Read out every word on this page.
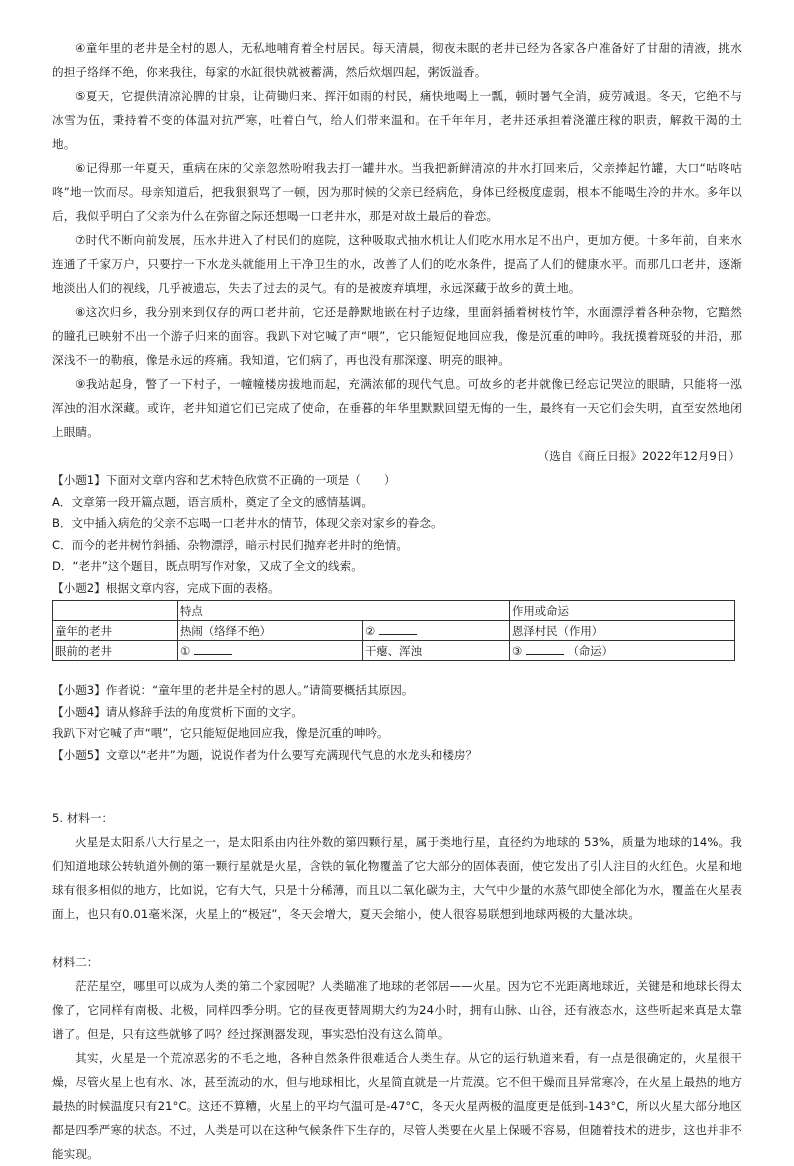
④童年里的老井是全村的恩人，无私地哺育着全村居民。每天清晨，彻夜未眠的老井已经为各家各户准备好了甘甜的清液，挑水的担子络绎不绝，你来我往，每家的水缸很快就被蓄满，然后炊烟四起，粥饭溢香。

⑤夏天，它提供清凉沁脾的甘泉，让荷锄归来、挥汗如雨的村民，痛快地喝上一瓢，顿时暑气全消，疲劳减退。冬天，它绝不与冰雪为伍，秉持着不变的体温对抗严寒，吐着白气，给人们带来温和。在千年年月，老井还承担着浇灌庄稼的职责，解救干渴的土地。

⑥记得那一年夏天，重病在床的父亲忽然吩咐我去打一罐井水。当我把新鲜清凉的井水打回来后，父亲捧起竹罐，大口“咕咚咕咚”地一饮而尽。母亲知道后，把我狠狠骂了一顿，因为那时候的父亲已经病危，身体已经极度虚弱，根本不能喝生冷的井水。多年以后，我似乎明白了父亲为什么在弥留之际还想喝一口老井水，那是对故土最后的眷恋。

⑦时代不断向前发展，压水井进入了村民们的庭院，这种吸取式抽水机让人们吃水用水足不出户，更加方便。十多年前，自来水连通了千家万户，只要拧一下水龙头就能用上干净卫生的水，改善了人们的吃水条件，提高了人们的健康水平。而那几口老井，逐渐地淡出人们的视线，几乎被遗忘，失去了过去的灵气。有的是被废弃填埋，永远深藏于故乡的黄土地。

⑧这次归乡，我分别来到仅存的两口老井前，它还是静默地嵌在村子边缘，里面斜插着树枝竹竿，水面漂浮着各种杂物，它黯然的瞳孔已映射不出一个游子归来的面容。我趴下对它喊了声“喂”，它只能短促地回应我，像是沉重的呻吟。我抚摸着斑驳的井沿，那深浅不一的勒痕，像是永远的疼痛。我知道，它们病了，再也没有那深邃、明亮的眼神。

⑨我站起身，瞥了一下村子，一幢幢楼房拔地而起，充满浓郁的现代气息。可故乡的老井就像已经忘记哭泣的眼睛，只能将一泓浑浊的泪水深藏。或许，老井知道它们已完成了使命，在垂暮的年华里默默回望无悔的一生，最终有一天它们会失明，直至安然地闭上眼睛。

（选自《商丘日报》2022年12月9日）

【小题1】下面对文章内容和艺术特色欣赏不正确的一项是（　　）

A．文章第一段开篇点题，语言质朴，奠定了全文的感情基调。

B．文中插入病危的父亲不忘喝一口老井水的情节，体现父亲对家乡的眷念。

C．而今的老井树竹斜插、杂物漂浮，暗示村民们抛弃老井时的绝情。

D．“老井”这个题目，既点明写作对象，又成了全文的线索。

【小题2】根据文章内容，完成下面的表格。

	特点		作用或命运
童年的老井	热闹（络绎不绝）	②	恩泽村民（作用）
眼前的老井	①	干瘪、浑浊	③ （命运）

【小题3】作者说：“童年里的老井是全村的恩人。”请简要概括其原因。

【小题4】请从修辞手法的角度赏析下面的文字。

我趴下对它喊了声“喂”，它只能短促地回应我，像是沉重的呻吟。

【小题5】文章以“老井”为题，说说作者为什么要写充满现代气息的水龙头和楼房？

5. 材料一：

火星是太阳系八大行星之一，是太阳系由内往外数的第四颗行星，属于类地行星，直径约为地球的 53%，质量为地球的14%。我们知道地球公转轨道外侧的第一颗行星就是火星，含铁的氧化物覆盖了它大部分的固体表面，使它发出了引人注目的火红色。火星和地球有很多相似的地方，比如说，它有大气，只是十分稀薄，而且以二氧化碳为主，大气中少量的水蒸气即使全部化为水，覆盖在火星表面上，也只有0.01毫米深，火星上的“极冠”，冬天会增大，夏天会缩小，使人很容易联想到地球两极的大量冰块。

材料二：

茫茫星空，哪里可以成为人类的第二个家园呢？人类瞄准了地球的老邻居——火星。因为它不光距离地球近，关键是和地球长得太像了，它同样有南极、北极，同样四季分明。它的昼夜更替周期大约为24小时，拥有山脉、山谷，还有液态水，这些听起来真是太靠谱了。但是，只有这些就够了吗？经过探测器发现，事实恐怕没有这么简单。

其实，火星是一个荒凉恶劣的不毛之地，各种自然条件很难适合人类生存。从它的运行轨道来看，有一点是很确定的，火星很干燥，尽管火星上也有水、冰，甚至流动的水，但与地球相比，火星简直就是一片荒漠。它不但干燥而且异常寒冷，在火星上最热的地方最热的时候温度只有21°C。这还不算糟，火星上的平均气温可是-47°C，冬天火星两极的温度更是低到-143°C，所以火星大部分地区都是四季严寒的状态。不过，人类是可以在这种气候条件下生存的，尽管人类要在火星上保暖不容易，但随着技术的进步，这也并非不能实现。
